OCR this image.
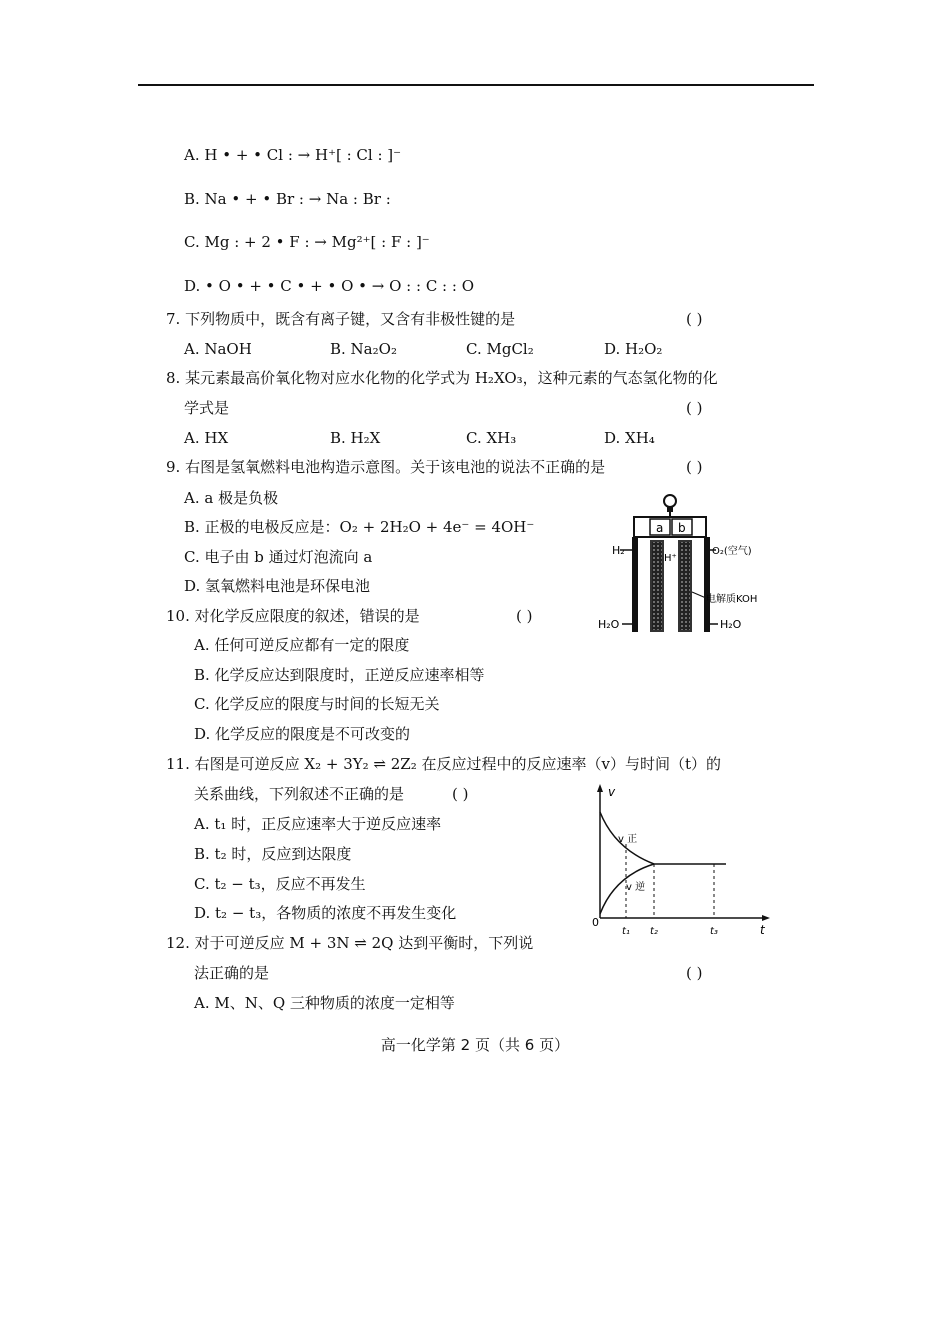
A. H • + • Cl : → H⁺[ : Cl : ]⁻
B. Na • + • Br : → Na : Br :
C. Mg : + 2 • F : → Mg²⁺[ : F : ]⁻
D. • O • + • C • + • O • → O : : C : : O
7. 下列物质中，既含有离子键，又含有非极性键的是	( )
A. NaOH	B. Na₂O₂	C. MgCl₂	D. H₂O₂
8. 某元素最高价氧化物对应水化物的化学式为 H₂XO₃，这种元素的气态氢化物的化
学式是	( )
A. HX	B. H₂X	C. XH₃	D. XH₄
9. 右图是氢氧燃料电池构造示意图。关于该电池的说法不正确的是	( )
A. a 极是负极
B. 正极的电极反应是：O₂ + 2H₂O + 4e⁻ = 4OH⁻
C. 电子由 b 通过灯泡流向 a
D. 氢氧燃料电池是环保电池
10. 对化学反应限度的叙述，错误的是	( )
A. 任何可逆反应都有一定的限度
B. 化学反应达到限度时，正逆反应速率相等
C. 化学反应的限度与时间的长短无关
D. 化学反应的限度是不可改变的
11. 右图是可逆反应 X₂ + 3Y₂ ⇌ 2Z₂ 在反应过程中的反应速率（v）与时间（t）的
关系曲线，下列叙述不正确的是	( )
A. t₁ 时，正反应速率大于逆反应速率
B. t₂ 时，反应到达限度
C. t₂ − t₃，反应不再发生
D. t₂ − t₃，各物质的浓度不再发生变化
12. 对于可逆反应 M + 3N ⇌ 2Q 达到平衡时，下列说
法正确的是	( )
A. M、N、Q 三种物质的浓度一定相等
a b
H⁺
H₂	O₂(空气)
电解质KOH
H₂O	H₂O
v
t
0
v 正
v 逆
t₁ t₂	t₃
高一化学第 2 页（共 6 页）
